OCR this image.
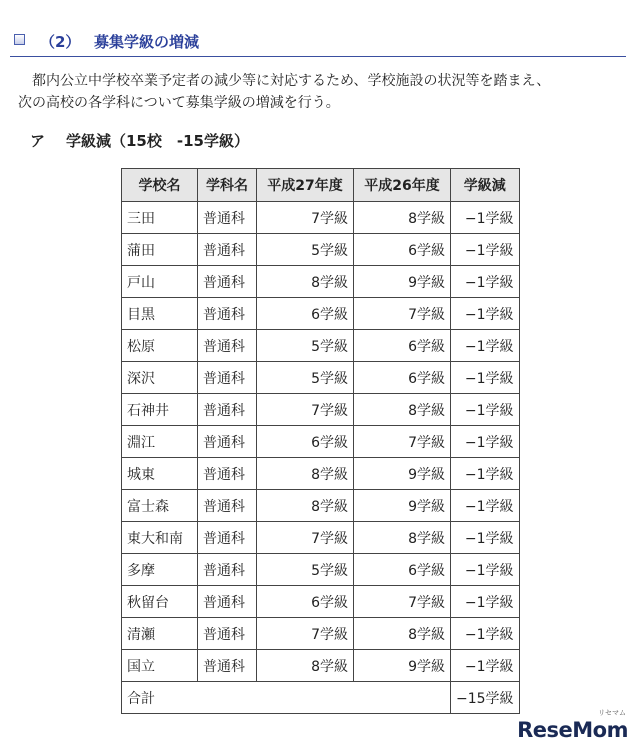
（2） 募集学級の増減
都内公立中学校卒業予定者の減少等に対応するため、学校施設の状況等を踏まえ、
次の高校の各学科について募集学級の増減を行う。
ア 学級減（15校　-15学級）
学校名	学科名	平成27年度	平成26年度	学級減
三田	普通科	7学級	8学級	−1学級
蒲田	普通科	5学級	6学級	−1学級
戸山	普通科	8学級	9学級	−1学級
目黒	普通科	6学級	7学級	−1学級
松原	普通科	5学級	6学級	−1学級
深沢	普通科	5学級	6学級	−1学級
石神井	普通科	7学級	8学級	−1学級
淵江	普通科	6学級	7学級	−1学級
城東	普通科	8学級	9学級	−1学級
富士森	普通科	8学級	9学級	−1学級
東大和南	普通科	7学級	8学級	−1学級
多摩	普通科	5学級	6学級	−1学級
秋留台	普通科	6学級	7学級	−1学級
清瀬	普通科	7学級	8学級	−1学級
国立	普通科	8学級	9学級	−1学級
合計				−15学級
リセマム
ReseMom
